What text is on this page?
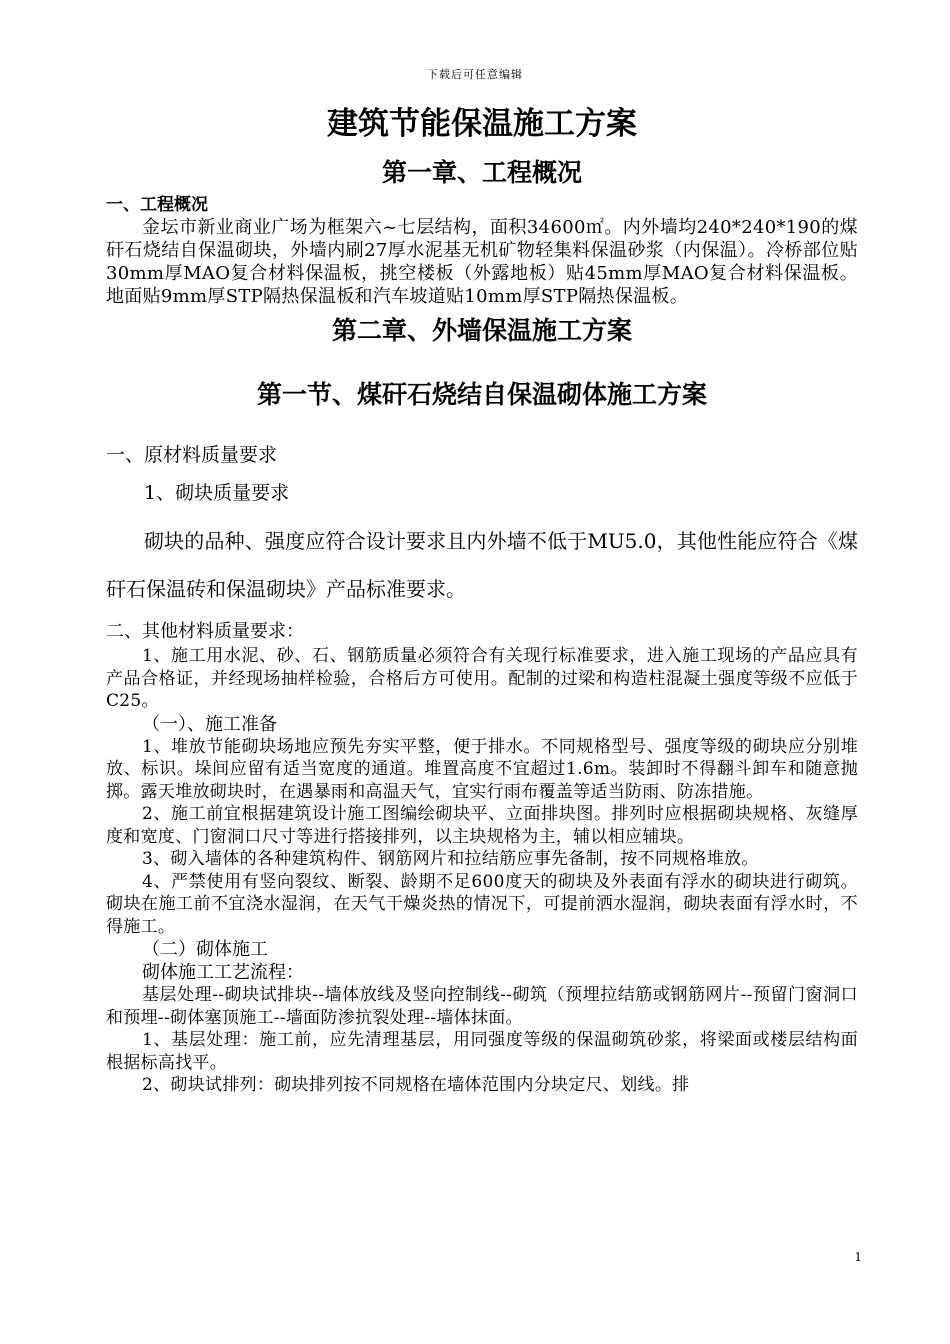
下载后可任意编辑
建筑节能保温施工方案
第一章、工程概况

一、工程概况

金坛市新业商业广场为框架六~七层结构，面积34600㎡。内外墙均240*240*190的煤矸石烧结自保温砌块，外墙内刷27厚水泥基无机矿物轻集料保温砂浆（内保温）。冷桥部位贴30mm厚MAO复合材料保温板，挑空楼板（外露地板）贴45mm厚MAO复合材料保温板。地面贴9mm厚STP隔热保温板和汽车坡道贴10mm厚STP隔热保温板。

第二章、外墙保温施工方案
第一节、煤矸石烧结自保温砌体施工方案

一、原材料质量要求

1、砌块质量要求

砌块的品种、强度应符合设计要求且内外墙不低于MU5.0，其他性能应符合《煤矸石保温砖和保温砌块》产品标准要求。

二、其他材料质量要求：

1、施工用水泥、砂、石、钢筋质量必须符合有关现行标准要求，进入施工现场的产品应具有产品合格证，并经现场抽样检验，合格后方可使用。配制的过梁和构造柱混凝土强度等级不应低于C25。

（一）、施工准备

1、堆放节能砌块场地应预先夯实平整，便于排水。不同规格型号、强度等级的砌块应分别堆放、标识。垛间应留有适当宽度的通道。堆置高度不宜超过1.6m。装卸时不得翻斗卸车和随意抛掷。露天堆放砌块时，在遇暴雨和高温天气，宜实行雨布覆盖等适当防雨、防冻措施。

2、施工前宜根据建筑设计施工图编绘砌块平、立面排块图。排列时应根据砌块规格、灰缝厚度和宽度、门窗洞口尺寸等进行搭接排列，以主块规格为主，辅以相应辅块。

3、砌入墙体的各种建筑构件、钢筋网片和拉结筋应事先备制，按不同规格堆放。

4、严禁使用有竖向裂纹、断裂、龄期不足600度天的砌块及外表面有浮水的砌块进行砌筑。砌块在施工前不宜浇水湿润，在天气干燥炎热的情况下，可提前洒水湿润，砌块表面有浮水时，不得施工。

（二）砌体施工

砌体施工工艺流程：

基层处理--砌块试排块--墙体放线及竖向控制线--砌筑（预埋拉结筋或钢筋网片--预留门窗洞口和预埋--砌体塞顶施工--墙面防渗抗裂处理--墙体抹面。

1、基层处理：施工前，应先清理基层，用同强度等级的保温砌筑砂浆，将梁面或楼层结构面根据标高找平。

2、砌块试排列：砌块排列按不同规格在墙体范围内分块定尺、划线。排

1
